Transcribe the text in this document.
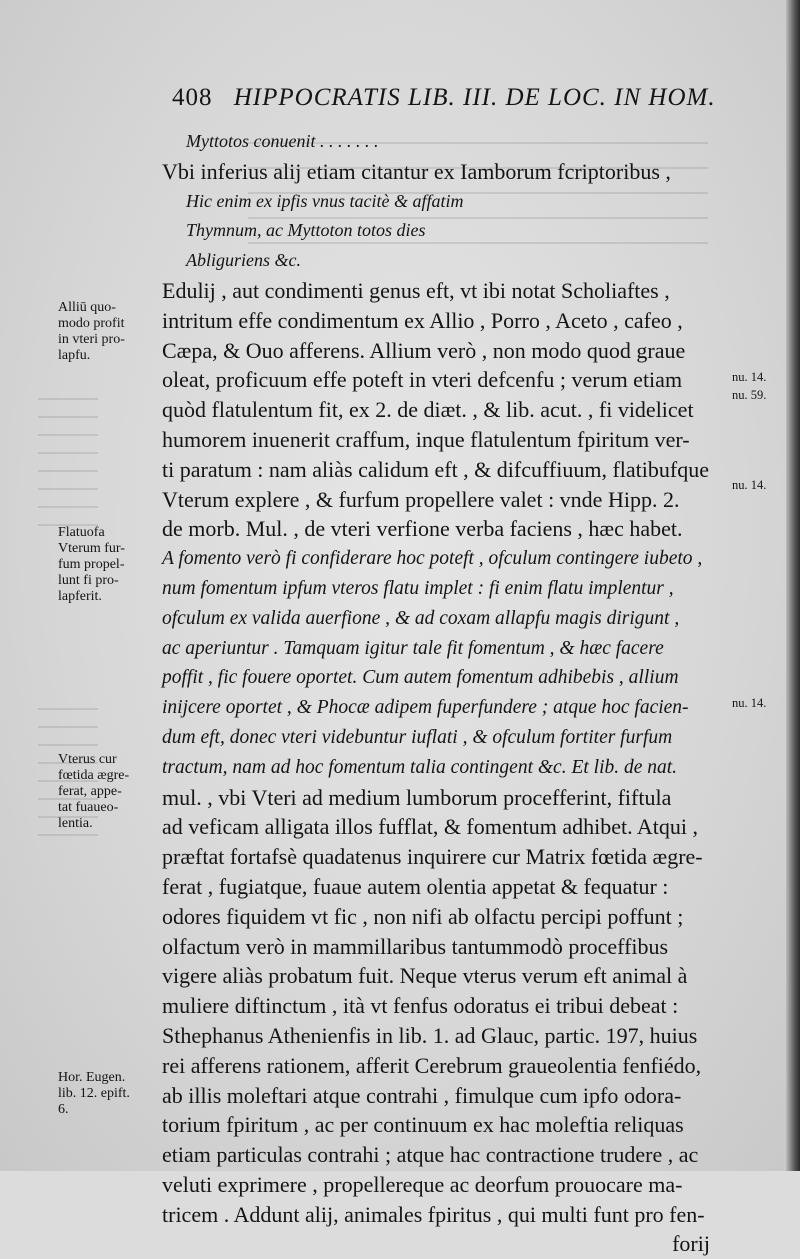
408 HIPPOCRATIS LIB. III. DE LOC. IN HOM.
Myttotos conuenit . . . . . . .
Vbi inferius alij etiam citantur ex Iamborum fcriptoribus ,
Hic enim ex ipfis vnus tacitè & affatim
Thymnum, ac Myttoton totos dies
Abliguriens &c.
Edulij , aut condimenti genus eft, vt ibi notat Scholiaftes ,
intritum effe condimentum ex Allio , Porro , Aceto , cafeo ,
Cæpa, & Ouo afferens. Allium verò , non modo quod graue
oleat, proficuum effe poteft in vteri defcenfu ; verum etiam
quòd flatulentum fit, ex 2. de diæt. , & lib. acut. , fi videlicet
humorem inuenerit craffum, inque flatulentum fpiritum ver-
ti paratum : nam aliàs calidum eft , & difcuffiuum, flatibufque
Vterum explere , & furfum propellere valet : vnde Hipp. 2.
de morb. Mul. , de vteri verfione verba faciens , hæc habet.
A fomento verò fi confiderare hoc poteft , ofculum contingere iubeto ,
num fomentum ipfum vteros flatu implet : fi enim flatu implentur ,
ofculum ex valida auerfione , & ad coxam allapfu magis dirigunt ,
ac aperiuntur . Tamquam igitur tale fit fomentum , & hæc facere
poffit , fic fouere oportet. Cum autem fomentum adhibebis , allium
inijcere oportet , & Phocæ adipem fuperfundere ; atque hoc facien-
dum eft, donec vteri videbuntur iuflati , & ofculum fortiter furfum
tractum, nam ad hoc fomentum talia contingent &c. Et lib. de nat.
mul. , vbi Vteri ad medium lumborum procefferint, fiftula
ad veficam alligata illos fufflat, & fomentum adhibet. Atqui ,
præftat fortafsè quadatenus inquirere cur Matrix fœtida ægre-
ferat , fugiatque, fuaue autem olentia appetat & fequatur :
odores fiquidem vt fic , non nifi ab olfactu percipi poffunt ;
olfactum verò in mammillaribus tantummodò proceffibus
vigere aliàs probatum fuit. Neque vterus verum eft animal à
muliere diftinctum , ità vt fenfus odoratus ei tribui debeat :
Sthephanus Athenienfis in lib. 1. ad Glauc, partic. 197, huius
rei afferens rationem, afferit Cerebrum graueolentia fenfiédo,
ab illis moleftari atque contrahi , fimulque cum ipfo odora-
torium fpiritum , ac per continuum ex hac moleftia reliquas
etiam particulas contrahi ; atque hac contractione trudere , ac
veluti exprimere , propellereque ac deorfum prouocare ma-
tricem . Addunt alij, animales fpiritus , qui multi funt pro fen-
forij
Alliū quo-
modo profit
in vteri pro-
lapfu.
Flatuofa
Vterum fur-
fum propel-
lunt fi pro-
lapferit.
Vterus cur
fœtida ægre-
ferat, appe-
tat fuaueo-
lentia.
Hor. Eugen.
lib. 12. epift.
6.
nu. 14.
nu. 59.
nu. 14.
nu. 14.
